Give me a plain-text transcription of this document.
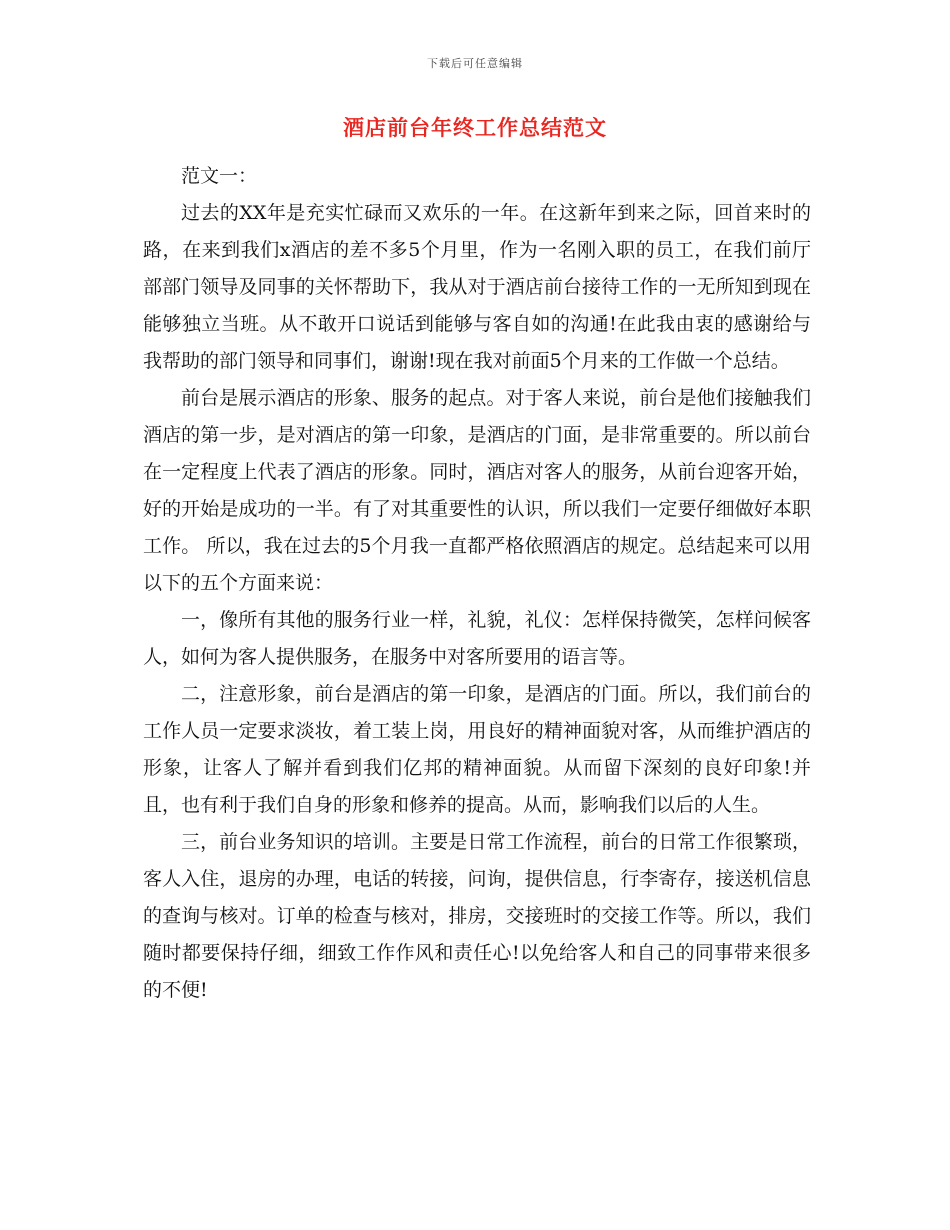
下载后可任意编辑
酒店前台年终工作总结范文

范文一：

过去的XX年是充实忙碌而又欢乐的一年。在这新年到来之际，回首来时的路，在来到我们x酒店的差不多5个月里，作为一名刚入职的员工，在我们前厅部部门领导及同事的关怀帮助下，我从对于酒店前台接待工作的一无所知到现在能够独立当班。从不敢开口说话到能够与客自如的沟通!在此我由衷的感谢给与我帮助的部门领导和同事们，谢谢!现在我对前面5个月来的工作做一个总结。

前台是展示酒店的形象、服务的起点。对于客人来说，前台是他们接触我们酒店的第一步，是对酒店的第一印象，是酒店的门面，是非常重要的。所以前台在一定程度上代表了酒店的形象。同时，酒店对客人的服务，从前台迎客开始，好的开始是成功的一半。有了对其重要性的认识，所以我们一定要仔细做好本职工作。 所以，我在过去的5个月我一直都严格依照酒店的规定。总结起来可以用以下的五个方面来说：

一，像所有其他的服务行业一样，礼貌，礼仪：怎样保持微笑，怎样问候客人，如何为客人提供服务，在服务中对客所要用的语言等。

二，注意形象，前台是酒店的第一印象，是酒店的门面。所以，我们前台的工作人员一定要求淡妆，着工装上岗，用良好的精神面貌对客，从而维护酒店的形象，让客人了解并看到我们亿邦的精神面貌。从而留下深刻的良好印象!并且，也有利于我们自身的形象和修养的提高。从而，影响我们以后的人生。

三，前台业务知识的培训。主要是日常工作流程，前台的日常工作很繁琐，客人入住，退房的办理，电话的转接，问询，提供信息，行李寄存，接送机信息的查询与核对。订单的检查与核对，排房，交接班时的交接工作等。所以，我们随时都要保持仔细，细致工作作风和责任心!以免给客人和自己的同事带来很多的不便!
